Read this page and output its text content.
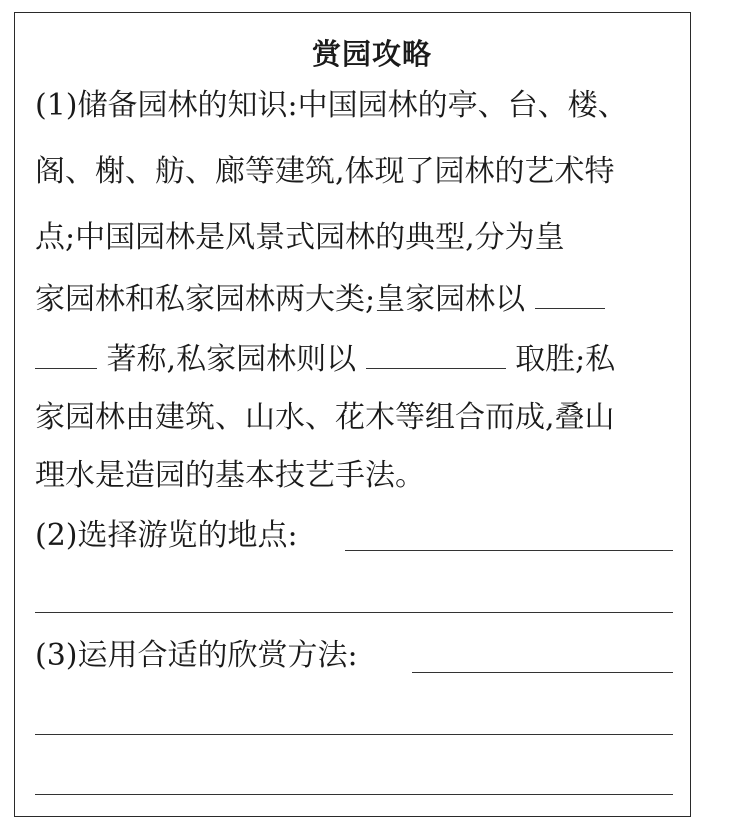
赏园攻略
(1)储备园林的知识:中国园林的亭、台、楼、
阁、榭、舫、廊等建筑,体现了园林的艺术特
点;中国园林是风景式园林的典型,分为皇
家园林和私家园林两大类;皇家园林以
著称,私家园林则以	取胜;私
家园林由建筑、山水、花木等组合而成,叠山
理水是造园的基本技艺手法。
(2)选择游览的地点:
(3)运用合适的欣赏方法:
